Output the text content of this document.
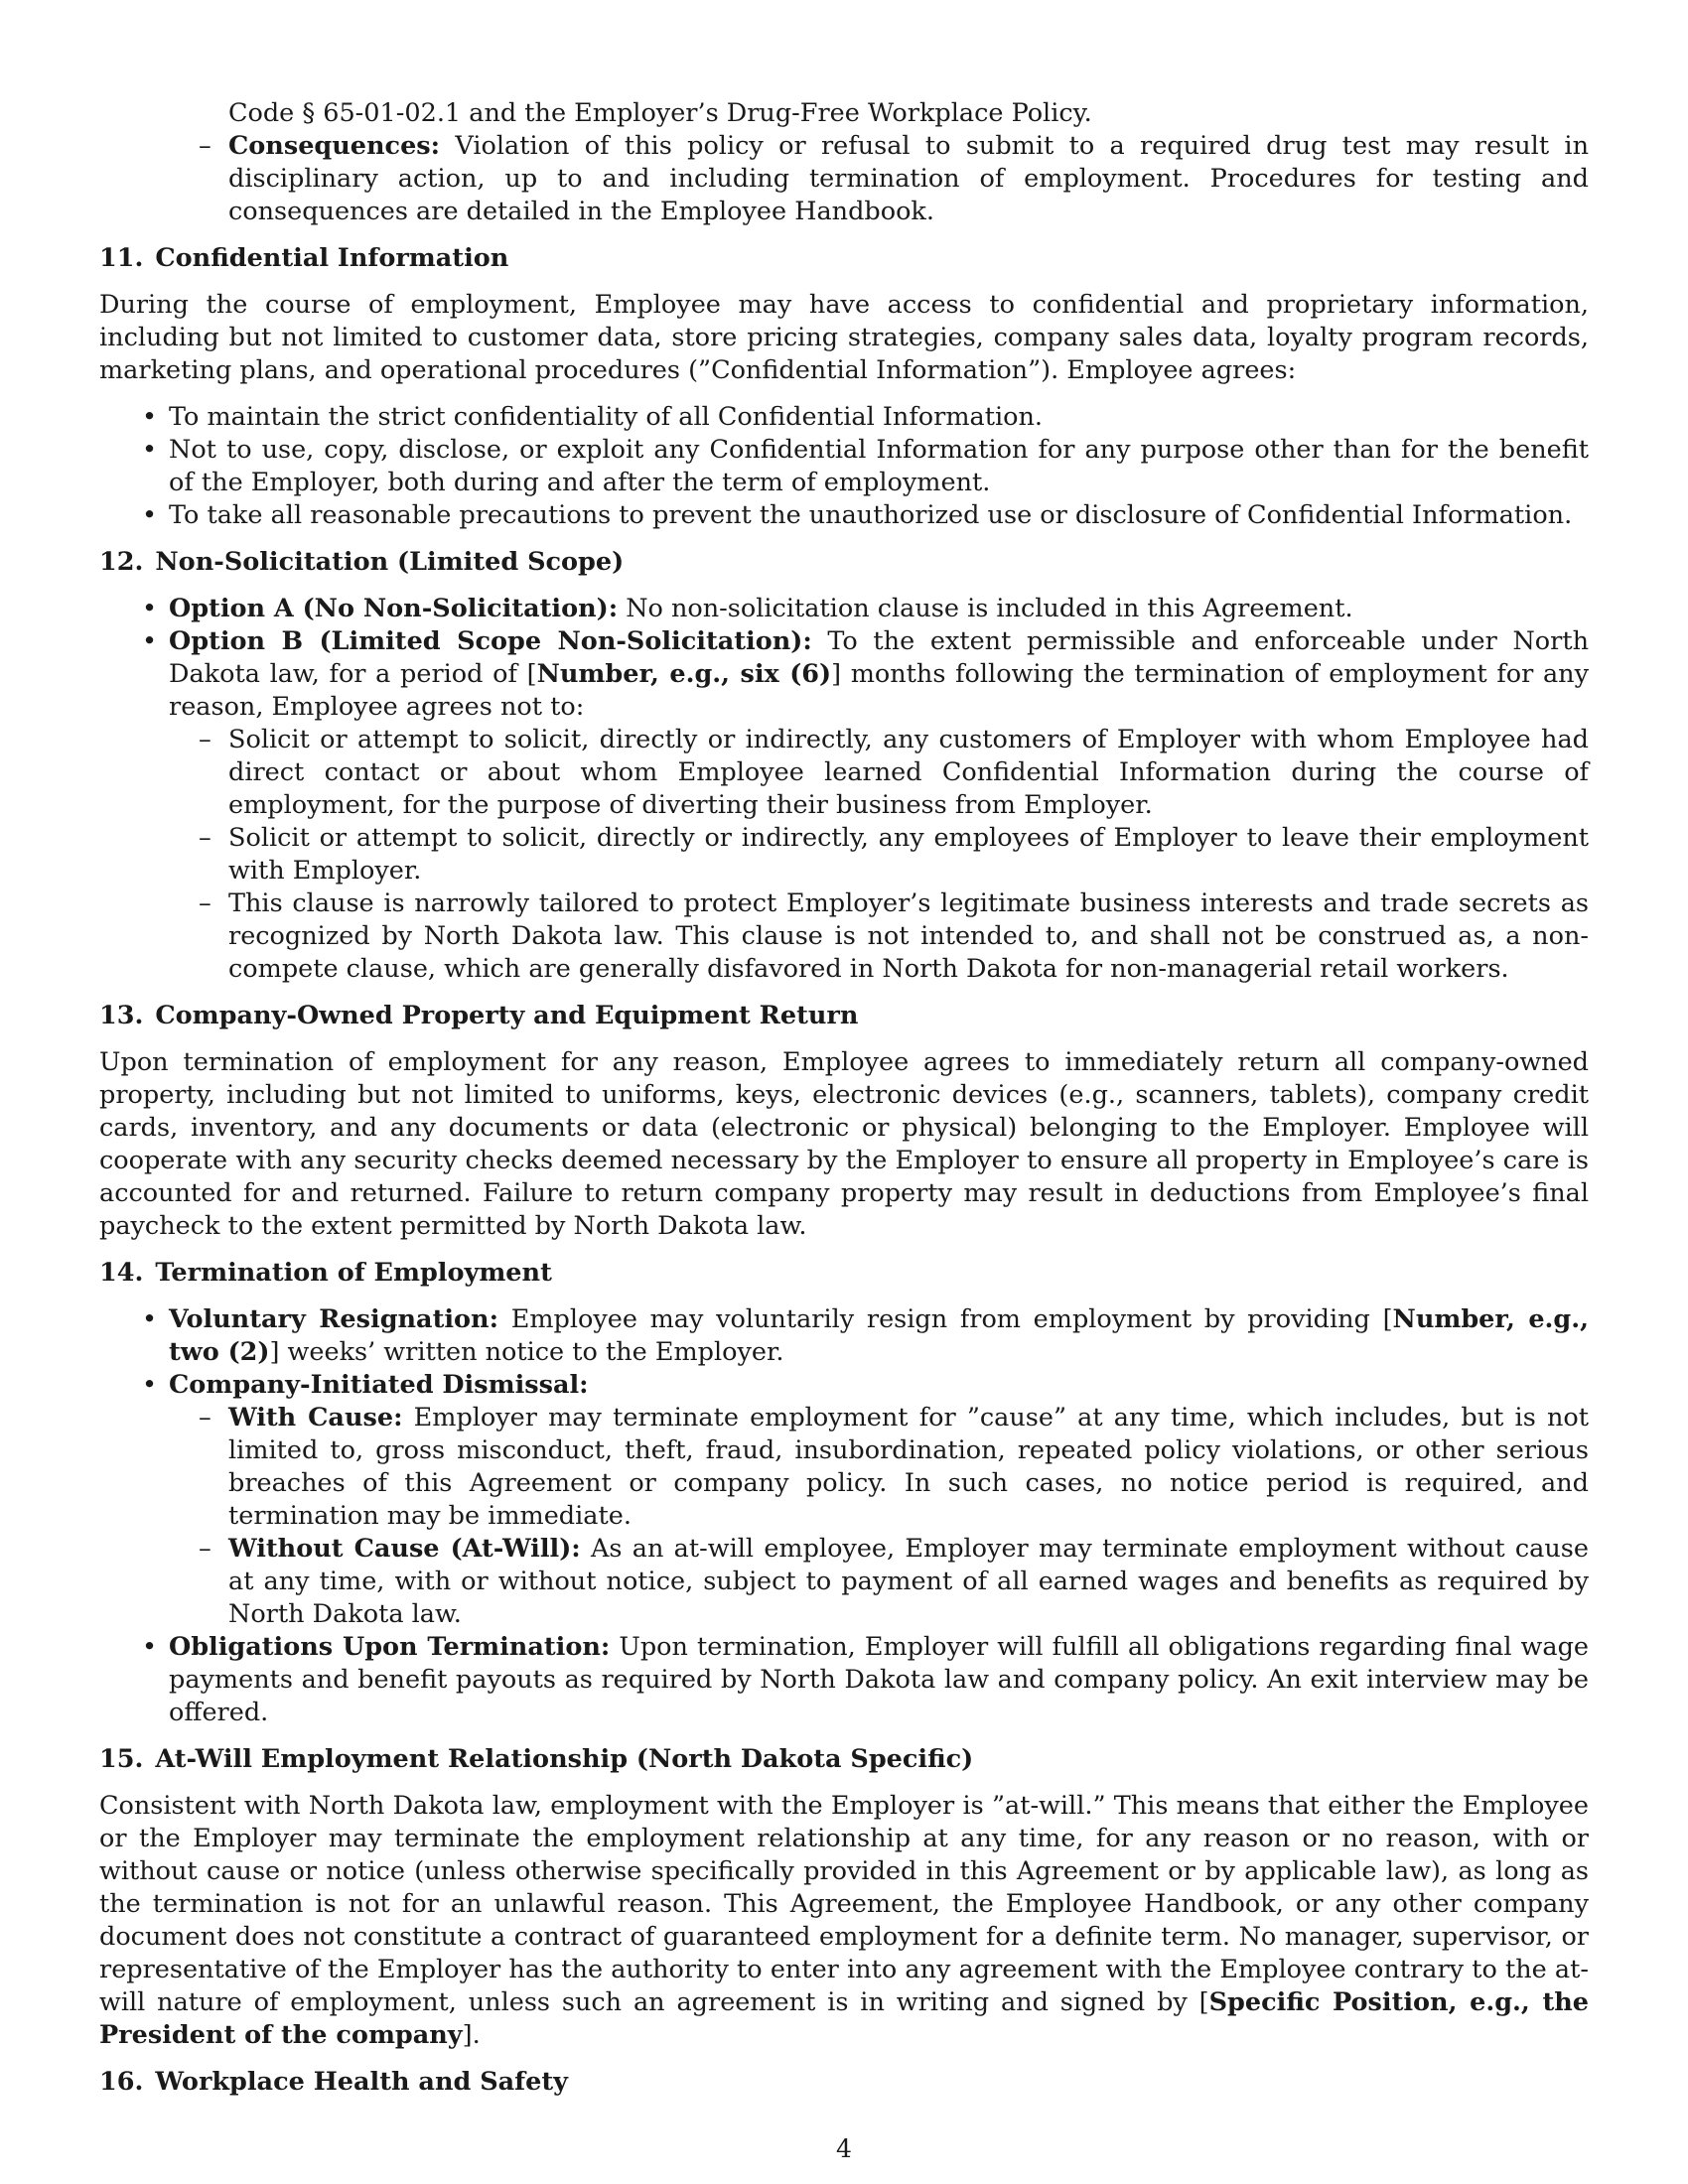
Code § 65-01-02.1 and the Employer’s Drug-Free Workplace Policy.

– Consequences: Violation of this policy or refusal to submit to a required drug test may result in disciplinary action, up to and including termination of employment. Procedures for testing and consequences are detailed in the Employee Handbook.
11. Confidential Information

During the course of employment, Employee may have access to confidential and proprietary information, including but not limited to customer data, store pricing strategies, company sales data, loyalty program records, marketing plans, and operational procedures (”Confidential Information”). Employee agrees:

• To maintain the strict confidentiality of all Confidential Information.
• Not to use, copy, disclose, or exploit any Confidential Information for any purpose other than for the benefit of the Employer, both during and after the term of employment.
• To take all reasonable precautions to prevent the unauthorized use or disclosure of Confidential Information.
12. Non-Solicitation (Limited Scope)
• Option A (No Non-Solicitation): No non-solicitation clause is included in this Agreement.
• Option B (Limited Scope Non-Solicitation): To the extent permissible and enforceable under North Dakota law, for a period of [Number, e.g., six (6)] months following the termination of employment for any reason, Employee agrees not to:
– Solicit or attempt to solicit, directly or indirectly, any customers of Employer with whom Employee had direct contact or about whom Employee learned Confidential Information during the course of employment, for the purpose of diverting their business from Employer.
– Solicit or attempt to solicit, directly or indirectly, any employees of Employer to leave their employment with Employer.
– This clause is narrowly tailored to protect Employer’s legitimate business interests and trade secrets as recognized by North Dakota law. This clause is not intended to, and shall not be construed as, a non-compete clause, which are generally disfavored in North Dakota for non-managerial retail workers.
13. Company-Owned Property and Equipment Return

Upon termination of employment for any reason, Employee agrees to immediately return all company-owned property, including but not limited to uniforms, keys, electronic devices (e.g., scanners, tablets), company credit cards, inventory, and any documents or data (electronic or physical) belonging to the Employer. Employee will cooperate with any security checks deemed necessary by the Employer to ensure all property in Employee’s care is accounted for and returned. Failure to return company property may result in deductions from Employee’s final paycheck to the extent permitted by North Dakota law.

14. Termination of Employment
• Voluntary Resignation: Employee may voluntarily resign from employment by providing [Number, e.g., two (2)] weeks’ written notice to the Employer.
• Company-Initiated Dismissal:
– With Cause: Employer may terminate employment for ”cause” at any time, which includes, but is not limited to, gross misconduct, theft, fraud, insubordination, repeated policy violations, or other serious breaches of this Agreement or company policy. In such cases, no notice period is required, and termination may be immediate.
– Without Cause (At-Will): As an at-will employee, Employer may terminate employment without cause at any time, with or without notice, subject to payment of all earned wages and benefits as required by North Dakota law.
• Obligations Upon Termination: Upon termination, Employer will fulfill all obligations regarding final wage payments and benefit payouts as required by North Dakota law and company policy. An exit interview may be offered.
15. At-Will Employment Relationship (North Dakota Specific)

Consistent with North Dakota law, employment with the Employer is ”at-will.” This means that either the Employee or the Employer may terminate the employment relationship at any time, for any reason or no reason, with or without cause or notice (unless otherwise specifically provided in this Agreement or by applicable law), as long as the termination is not for an unlawful reason. This Agreement, the Employee Handbook, or any other company document does not constitute a contract of guaranteed employment for a definite term. No manager, supervisor, or representative of the Employer has the authority to enter into any agreement with the Employee contrary to the at-will nature of employment, unless such an agreement is in writing and signed by [Specific Position, e.g., the President of the company].

16. Workplace Health and Safety
4
